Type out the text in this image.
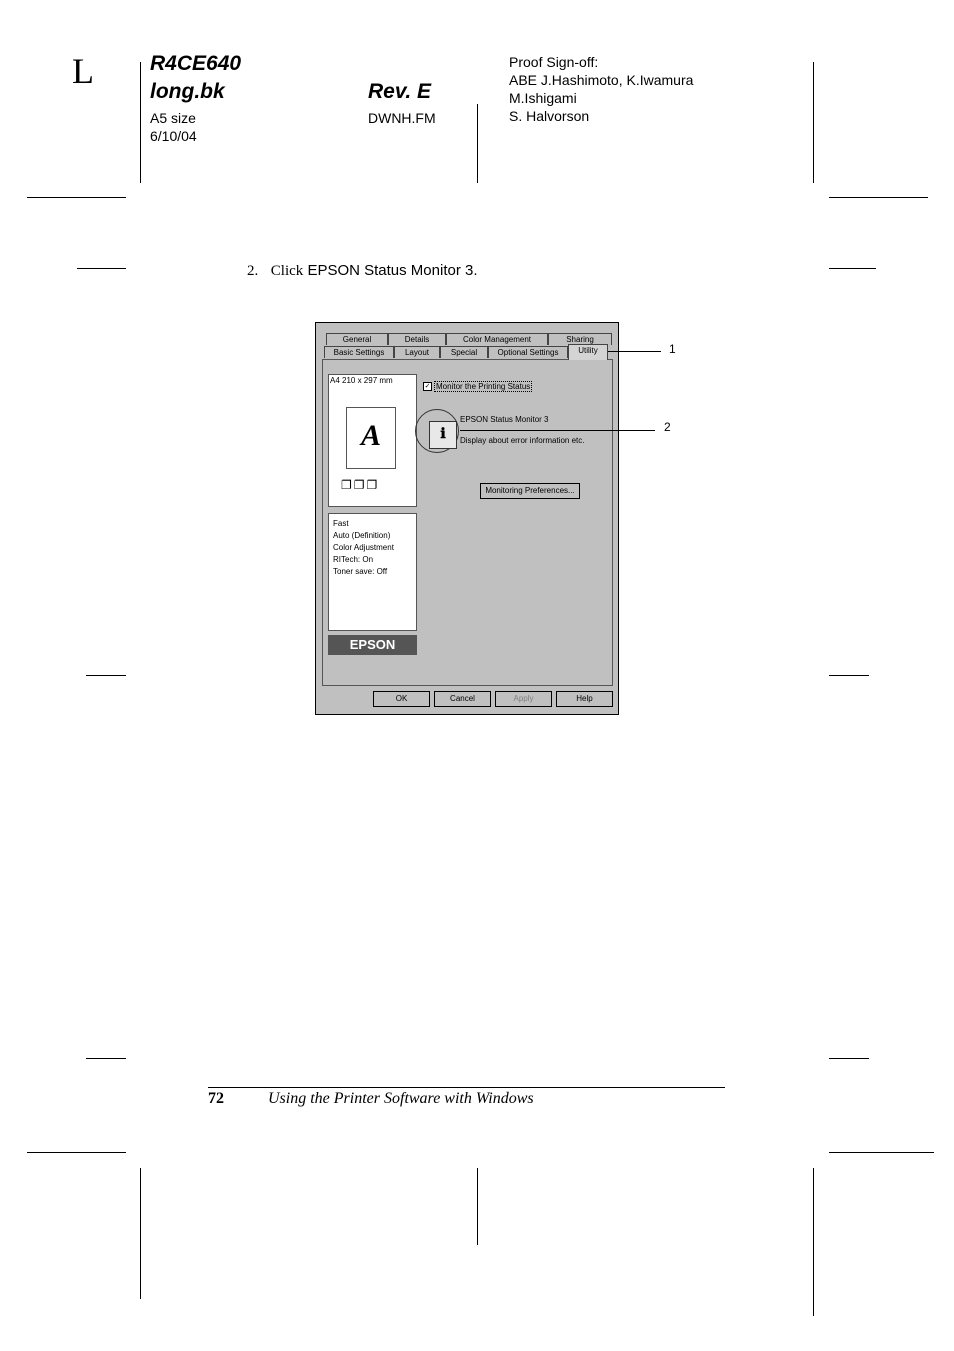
L	R4CE640
long.bk
A5 size
6/10/04
Rev. E
DWNH.FM
Proof Sign-off:
ABE J.Hashimoto, K.Iwamura
M.Ishigami
S. Halvorson
2. Click EPSON Status Monitor 3.
General	Details	Color Management	Sharing
Basic Settings	Layout	Special	Optional Settings	Utility
A4 210 x 297 mm
A
❐❐❐
Fast
Auto (Definition)
Color Adjustment
RITech: On
Toner save: Off
EPSON
✓ Monitor the Printing Status
ℹ
EPSON Status Monitor 3
Display about error information etc.
Monitoring Preferences...
OK	Cancel	Apply	Help
1
2
72	Using the Printer Software with Windows
